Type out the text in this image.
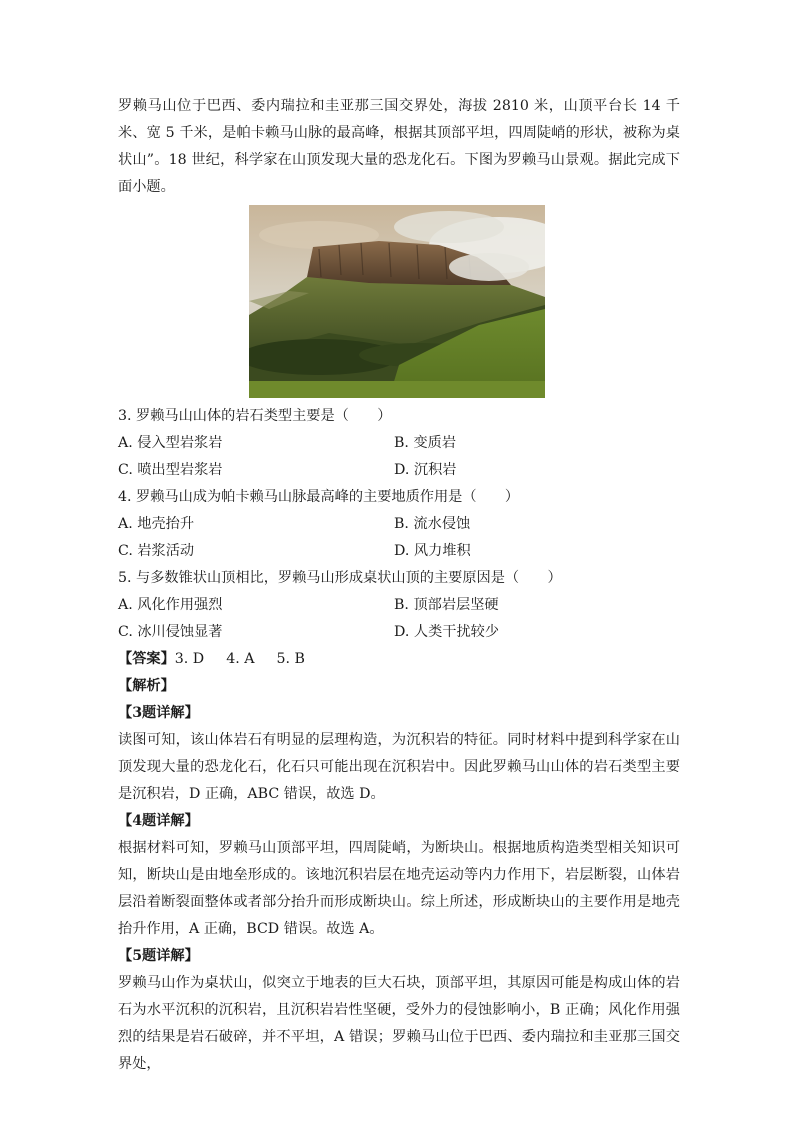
罗赖马山位于巴西、委内瑞拉和圭亚那三国交界处，海拔 2810 米，山顶平台长 14 千米、宽 5 千米，是帕卡赖马山脉的最高峰，根据其顶部平坦，四周陡峭的形状，被称为桌状山”。18 世纪，科学家在山顶发现大量的恐龙化石。下图为罗赖马山景观。据此完成下面小题。

3. 罗赖马山山体的岩石类型主要是（　　）

A. 侵入型岩浆岩	B. 变质岩
C. 喷出型岩浆岩	D. 沉积岩

4. 罗赖马山成为帕卡赖马山脉最高峰的主要地质作用是（　　）

A. 地壳抬升	B. 流水侵蚀
C. 岩浆活动	D. 风力堆积

5. 与多数锥状山顶相比，罗赖马山形成桌状山顶的主要原因是（　　）

A. 风化作用强烈	B. 顶部岩层坚硬
C. 冰川侵蚀显著	D. 人类干扰较少

【答案】3. D 4. A 5. B

【解析】

【3题详解】

读图可知，该山体岩石有明显的层理构造，为沉积岩的特征。同时材料中提到科学家在山顶发现大量的恐龙化石，化石只可能出现在沉积岩中。因此罗赖马山山体的岩石类型主要是沉积岩，D 正确，ABC 错误，故选 D。

【4题详解】

根据材料可知，罗赖马山顶部平坦，四周陡峭，为断块山。根据地质构造类型相关知识可知，断块山是由地垒形成的。该地沉积岩层在地壳运动等内力作用下，岩层断裂，山体岩层沿着断裂面整体或者部分抬升而形成断块山。综上所述，形成断块山的主要作用是地壳抬升作用，A 正确，BCD 错误。故选 A。

【5题详解】

罗赖马山作为桌状山，似突立于地表的巨大石块，顶部平坦，其原因可能是构成山体的岩石为水平沉积的沉积岩，且沉积岩岩性坚硬，受外力的侵蚀影响小，B 正确；风化作用强烈的结果是岩石破碎，并不平坦，A 错误；罗赖马山位于巴西、委内瑞拉和圭亚那三国交界处，
